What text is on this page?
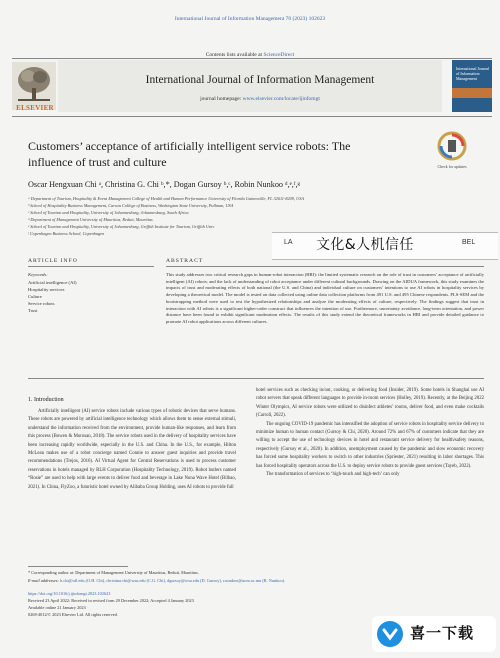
International Journal of Information Management 70 (2023) 102623
Contents lists available at ScienceDirect
ELSEVIER
International Journal of Information Management
journal homepage: www.elsevier.com/locate/ijinfomgt
International Journal of Information Management
Customers’ acceptance of artificially intelligent service robots: The
influence of trust and culture	Check for updates
Oscar Hengxuan Chi ᵃ, Christina G. Chi ᵇ,*, Dogan Gursoy ᵇ,ᶜ, Robin Nunkoo ᵈ,ᵉ,ᶠ,ᵍ
ᵃ Department of Tourism, Hospitality & Event Management College of Health and Human Performance University of Florida Gainesville, FL 32611-8209, USA
ᵇ School of Hospitality Business Management, Carson College of Business, Washington State University, Pullman, USA
ᶜ School of Tourism and Hospitality, University of Johannesburg, Johannesburg, South Africa
ᵈ Department of Management University of Mauritius, Reduit, Mauritius
ᵉ School of Tourism and Hospitality, University of Johannesburg, Griffith Institute for Tourism, Griffith Univ
ᶠ Copenhagen Business School, Copenhagen
LA 文化&人机信任	BEL
ARTICLE INFO	ABSTRACT
Keywords:
Artificial intelligence (AI)
Hospitality services
Culture
Service robots
Trust
This study addresses two critical research gaps in human-robot interaction (HRI): the limited systematic research on the role of trust in customers’ acceptance of artificially intelligent (AI) robots; and the lack of understanding of robot acceptance under different cultural backgrounds. Drawing on the AIDUA framework, this study examines the impacts of trust and moderating effects of both national (the U.S. and China) and individual culture on customers’ intentions to use AI robots in hospitality services by developing a theoretical model. The model is tested on data collected using online data collection platforms from 491 U.S. and 495 Chinese respondents. PLS-SEM and the bootstrapping method were used to test the hypothesized relationships and analyze the moderating effects of culture, respectively. The findings suggest that trust in interaction with AI robots is a significant higher-order construct that influences the intention of use. Furthermore, uncertainty avoidance, long-term orientation, and power distance have been found to exhibit significant moderation effects. The results of this study extend the theoretical frameworks in HRI and provide detailed guidance to promote AI robot applications across different cultures.
1. Introduction
Artificially intelligent (AI) service robots include various types of robotic devices that serve humans. These robots are powered by artificial intelligence technology which allows them to sense external stimuli, understand the information received from the environment, provide human-like responses, and learn from this process (Bowen & Morosan, 2018). The service robots used in the delivery of hospitality services have been increasing rapidly worldwide, especially in the U.S. and China. In the U.S., for example, Hilton McLean makes use of a robot concierge named Connie to answer guest inquiries and provide travel recommendations (Trejos, 2016). AI Virtual Agent for Central Reservations is used to process customer reservations in hotels managed by RLH Corporation (Hospitality Technology, 2019). Robot butlers named “Rosie” are used to help with large events to deliver food and beverage in Lake Nona Wave Hotel (Bilbao, 2021). In China, FlyZoo, a futuristic hotel owned by Alibaba Group Holding, uses AI robots to provide full
hotel services such as checking in/out, cooking, or delivering food (Insider, 2019). Some hotels in Shanghai use AI robot servers that speak different languages to provide in-room services (Holley, 2019). Recently, at the Beijing 2022 Winter Olympics, AI service robots were utilized to disinfect athletes’ rooms, deliver food, and even make cocktails (Carroll, 2022).
The ongoing COVID-19 pandemic has intensified the adoption of service robots in hospitality service delivery to minimize human to human contact (Gursoy & Chi, 2020). Around 72% and 67% of customers indicate that they are willing to accept the use of technology devices in hotel and restaurant service delivery for health/safety reasons, respectively (Gursoy et al., 2020). In addition, unemployment caused by the pandemic and slow economic recovery has forced some hospitality workers to switch to other industries (Spriester, 2021) resulting in labor shortages. This has forced hospitality operators across the U.S. to deploy service robots to provide guest services (Tayeb, 2022).
The transformation of services to ‘high-touch and high-tech’ can only
* Corresponding author at: Department of Management University of Mauritius, Reduit, Mauritius.
E-mail addresses: h.chi@ufl.edu (O.H. Chi), christina.chi@wsu.edu (C.G. Chi), dgursoy@wsu.edu (D. Gursoy), r.nunkoo@uom.ac.mu (R. Nunkoo).
https://doi.org/10.1016/j.ijinfomgt.2023.102623
Received 23 April 2022; Received in revised form 29 December 2022; Accepted 4 January 2023
Available online 21 January 2023
0268-4012/© 2023 Elsevier Ltd. All rights reserved.
喜一下载
